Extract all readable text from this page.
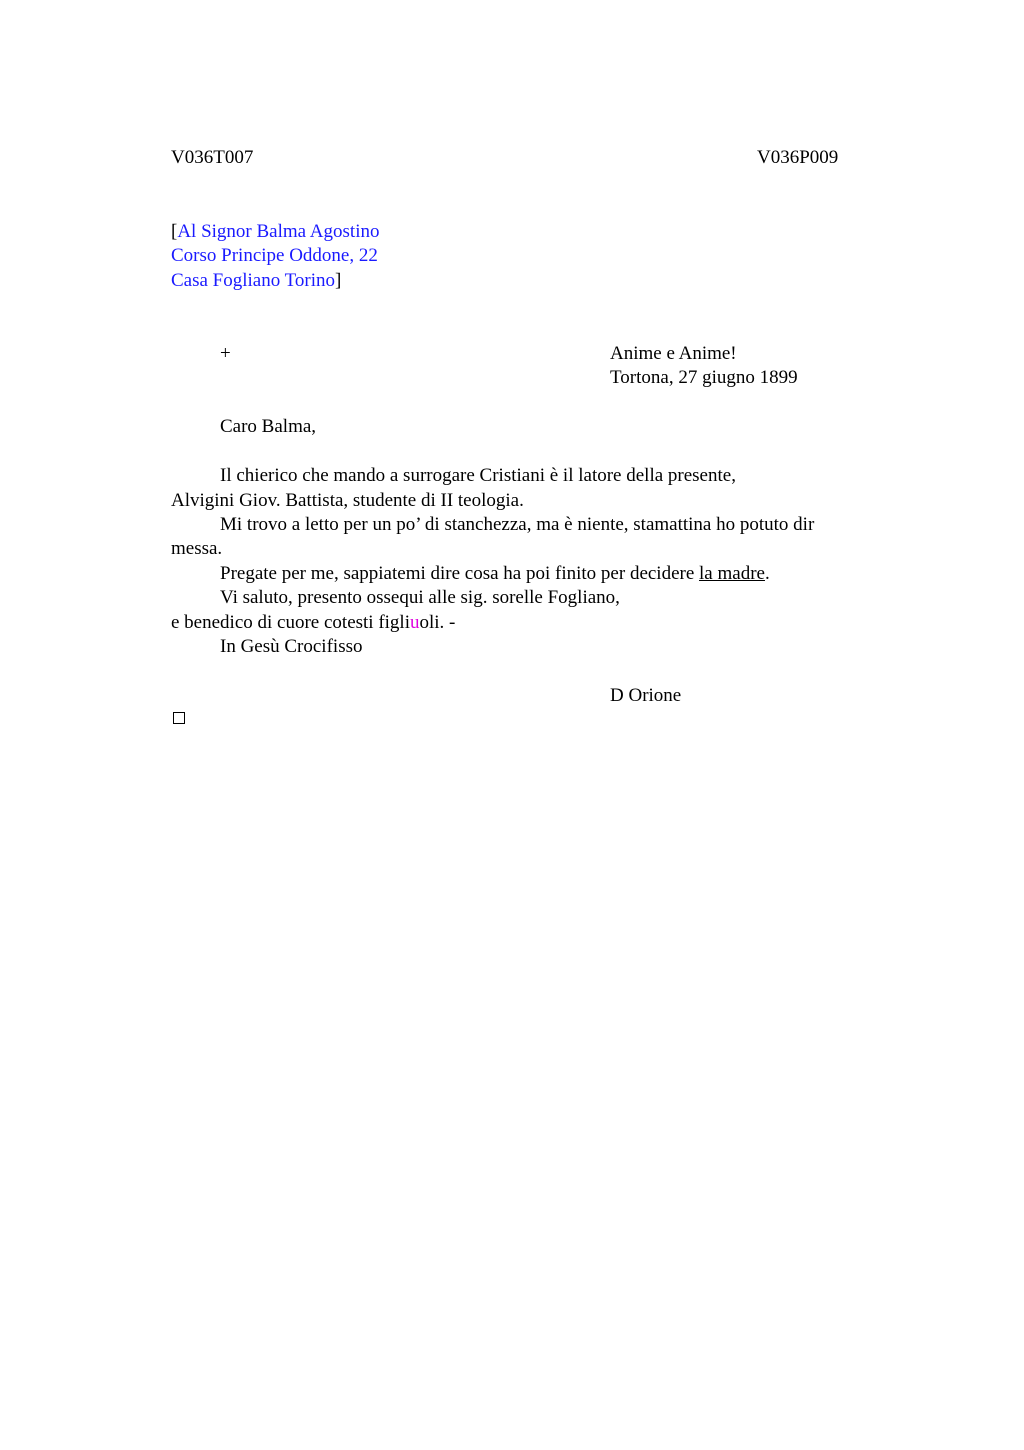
V036T007	V036P009
[Al Signor Balma Agostino
Corso Principe Oddone, 22
Casa Fogliano Torino]
+	Anime e Anime!
Tortona, 27 giugno 1899
Caro Balma,
Il chierico che mando a surrogare Cristiani è il latore della presente,
Alvigini Giov. Battista, studente di II teologia.
Mi trovo a letto per un po’ di stanchezza, ma è niente, stamattina ho potuto dir
messa.
Pregate per me, sappiatemi dire cosa ha poi finito per decidere la madre.
Vi saluto, presento ossequi alle sig. sorelle Fogliano,
e benedico di cuore cotesti figliuoli. -
In Gesù Crocifisso
D Orione
